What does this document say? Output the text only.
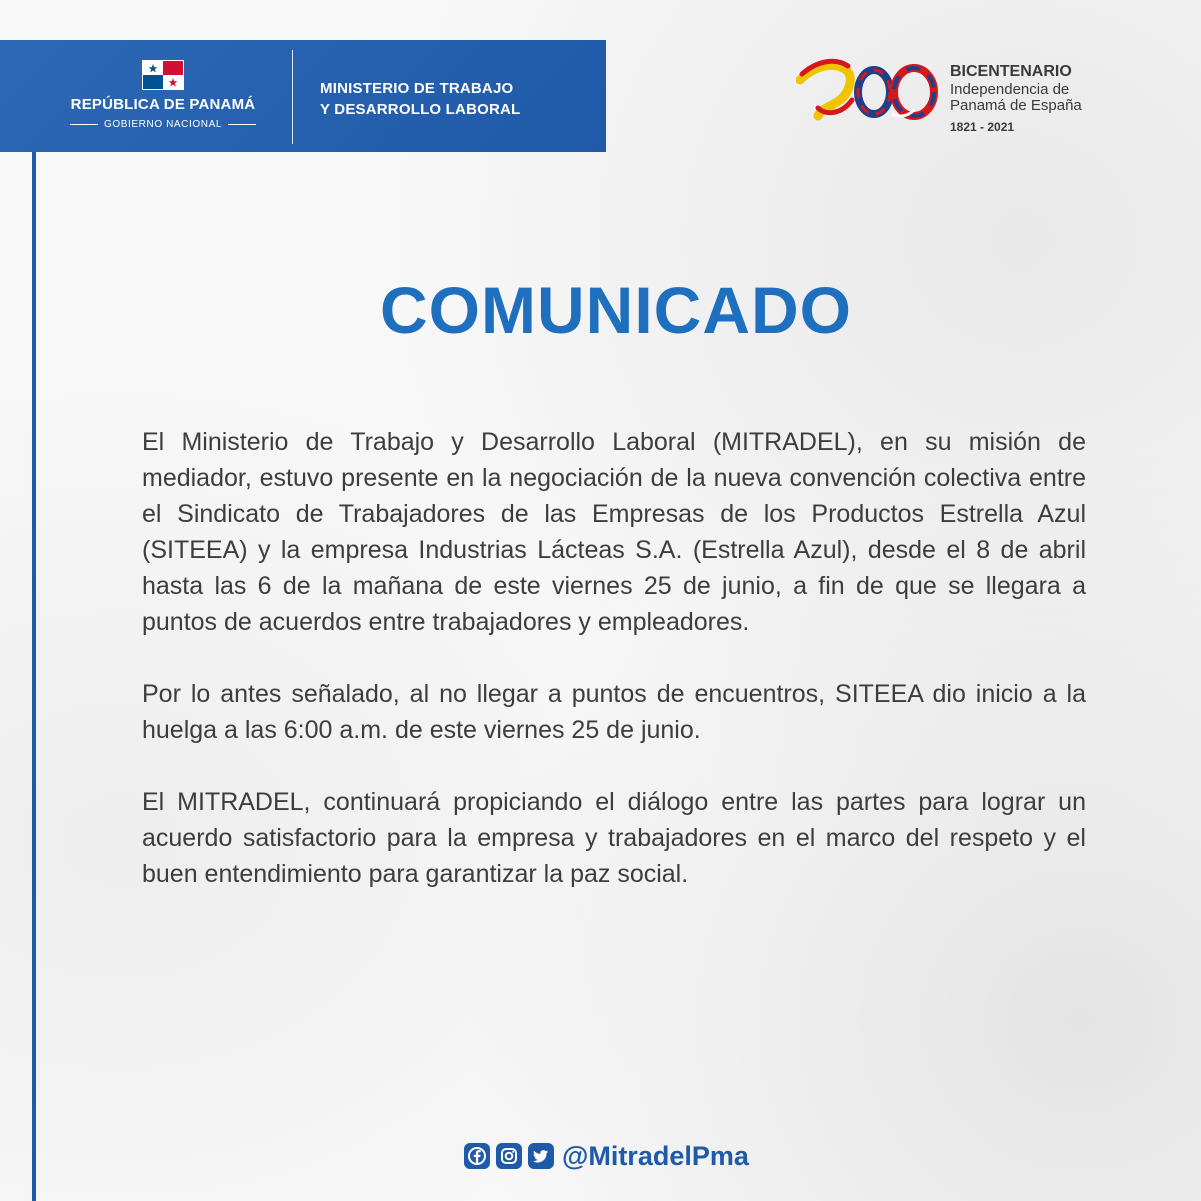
REPÚBLICA DE PANAMÁ
GOBIERNO NACIONAL
MINISTERIO DE TRABAJO
Y DESARROLLO LABORAL
BICENTENARIO
Independencia de
Panamá de España
1821 - 2021
COMUNICADO

El Ministerio de Trabajo y Desarrollo Laboral (MITRADEL), en su misión de mediador, estuvo presente en la negociación de la nueva convención colectiva entre el Sindicato de Trabajadores de las Empresas de los Productos Estrella Azul (SITEEA) y la empresa Industrias Lácteas S.A. (Estrella Azul), desde el 8 de abril hasta las 6 de la mañana de este viernes 25 de junio, a fin de que se llegara a puntos de acuerdos entre trabajadores y empleadores.

Por lo antes señalado, al no llegar a puntos de encuentros, SITEEA dio inicio a la huelga a las 6:00 a.m. de este viernes 25 de junio.

El MITRADEL, continuará propiciando el diálogo entre las partes para lograr un acuerdo satisfactorio para la empresa y trabajadores en el marco del respeto y el buen entendimiento para garantizar la paz social.

@MitradelPma
